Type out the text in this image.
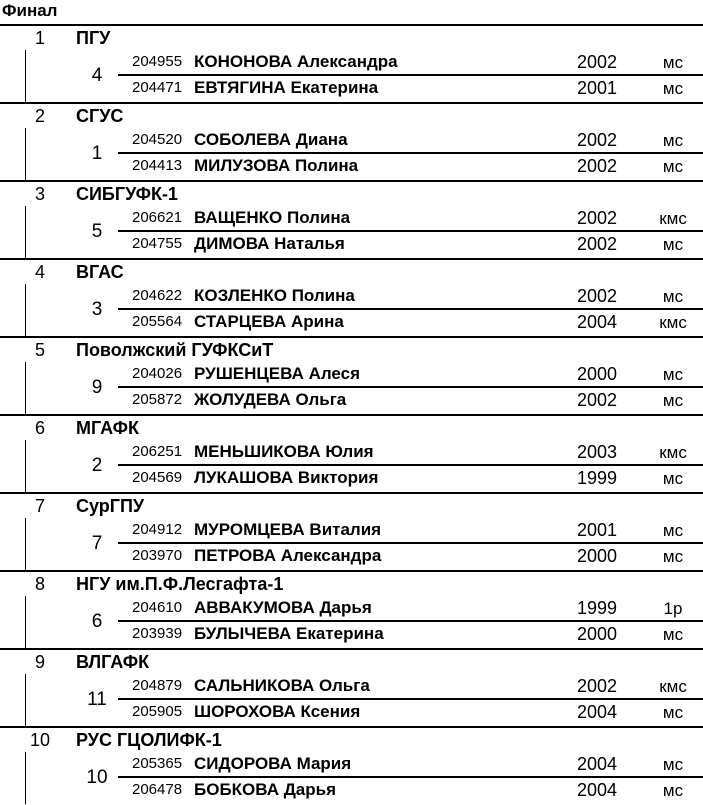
Финал
1	ПГУ
4
204955 КОНОНОВА Александра	2002	мс
204471 ЕВТЯГИНА Екатерина	2001	мс
2	СГУС
1
204520 СОБОЛЕВА Диана	2002	мс
204413 МИЛУЗОВА Полина	2002	мс
3	СИБГУФК-1
5
206621 ВАЩЕНКО Полина	2002	кмс
204755 ДИМОВА Наталья	2002	мс
4	ВГАС
3
204622 КОЗЛЕНКО Полина	2002	мс
205564 СТАРЦЕВА Арина	2004	кмс
5	Поволжский ГУФКСиТ
9
204026 РУШЕНЦЕВА Алеся	2000	мс
205872 ЖОЛУДЕВА Ольга	2002	мс
6	МГАФК
2
206251 МЕНЬШИКОВА Юлия	2003	кмс
204569 ЛУКАШОВА Виктория	1999	мс
7	СурГПУ
7
204912 МУРОМЦЕВА Виталия	2001	мс
203970 ПЕТРОВА Александра	2000	мс
8	НГУ им.П.Ф.Лесгафта-1
6
204610 АВВАКУМОВА Дарья	1999	1р
203939 БУЛЫЧЕВА Екатерина	2000	мс
9	ВЛГАФК
11
204879 САЛЬНИКОВА Ольга	2002	кмс
205905 ШОРОХОВА Ксения	2004	мс
10	РУС ГЦОЛИФК-1
10
205365 СИДОРОВА Мария	2004	мс
206478 БОБКОВА Дарья	2004	мс
